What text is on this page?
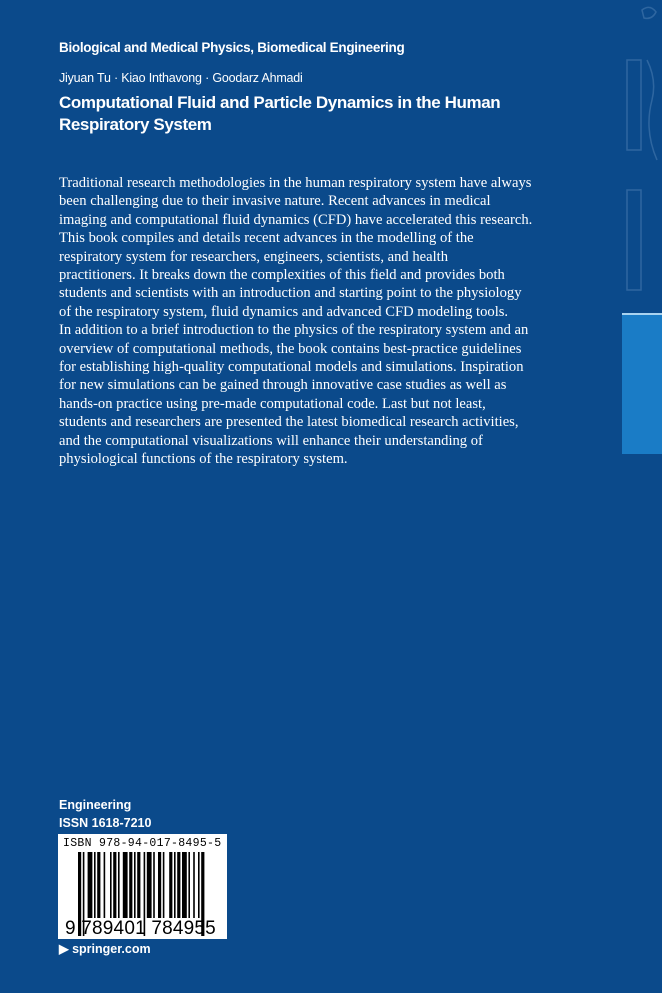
Biological and Medical Physics, Biomedical Engineering
Jiyuan Tu · Kiao Inthavong · Goodarz Ahmadi
Computational Fluid and Particle Dynamics in the Human Respiratory System
Traditional research methodologies in the human respiratory system have always
been challenging due to their invasive nature. Recent advances in medical
imaging and computational fluid dynamics (CFD) have accelerated this research.
This book compiles and details recent advances in the modelling of the
respiratory system for researchers, engineers, scientists, and health
practitioners. It breaks down the complexities of this field and provides both
students and scientists with an introduction and starting point to the physiology
of the respiratory system, fluid dynamics and advanced CFD modeling tools.
In addition to a brief introduction to the physics of the respiratory system and an
overview of computational methods, the book contains best-practice guidelines
for establishing high-quality computational models and simulations. Inspiration
for new simulations can be gained through innovative case studies as well as
hands-on practice using pre-made computational code. Last but not least,
students and researchers are presented the latest biomedical research activities,
and the computational visualizations will enhance their understanding of
physiological functions of the respiratory system.
Engineering
ISSN 1618-7210
ISBN 978-94-017-8495-5
9 789401 784955
▶ springer.com
